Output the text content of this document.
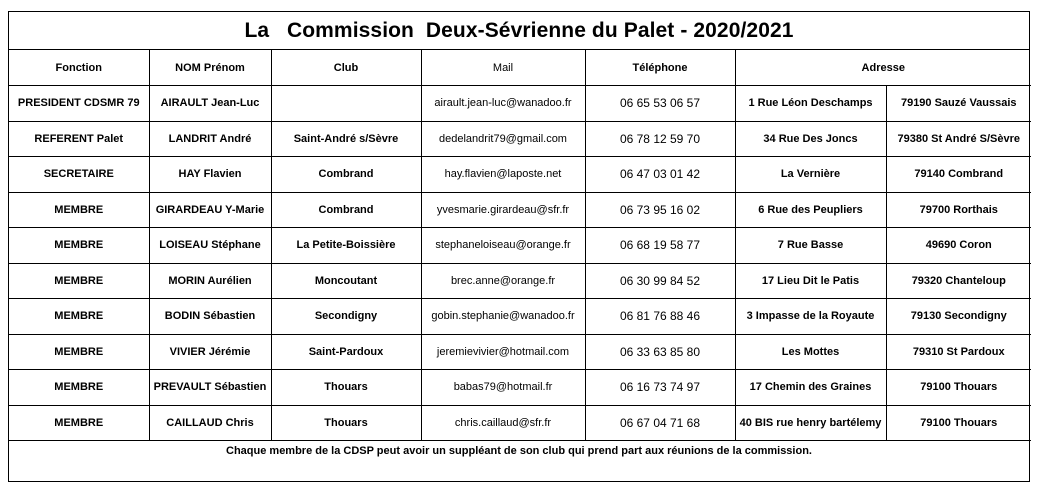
La   Commission  Deux-Sévrienne du Palet - 2020/2021
Fonction	NOM Prénom	Club	Mail	Téléphone	Adresse	
PRESIDENT CDSMR 79	AIRAULT Jean-Luc		airault.jean-luc@wanadoo.fr	06 65 53 06 57	1 Rue Léon Deschamps	79190 Sauzé Vaussais
REFERENT Palet	LANDRIT André	Saint-André s/Sèvre	dedelandrit79@gmail.com	06 78 12 59 70	34 Rue Des Joncs	79380 St André S/Sèvre
SECRETAIRE	HAY Flavien	Combrand	hay.flavien@laposte.net	06 47 03 01 42	La Vernière	79140 Combrand
MEMBRE	GIRARDEAU Y-Marie	Combrand	yvesmarie.girardeau@sfr.fr	06 73 95 16 02	6 Rue des Peupliers	79700 Rorthais
MEMBRE	LOISEAU Stéphane	La Petite-Boissière	stephaneloiseau@orange.fr	06 68 19 58 77	7 Rue Basse	49690 Coron
MEMBRE	MORIN Aurélien	Moncoutant	brec.anne@orange.fr	06 30 99 84 52	17 Lieu Dit le Patis	79320 Chanteloup
MEMBRE	BODIN Sébastien	Secondigny	gobin.stephanie@wanadoo.fr	06 81 76 88 46	3 Impasse de la Royaute	79130 Secondigny
MEMBRE	VIVIER Jérémie	Saint-Pardoux	jeremievivier@hotmail.com	06 33 63 85 80	Les Mottes	79310 St Pardoux
MEMBRE	PREVAULT Sébastien	Thouars	babas79@hotmail.fr	06 16 73 74 97	17 Chemin des Graines	79100 Thouars
MEMBRE	CAILLAUD Chris	Thouars	chris.caillaud@sfr.fr	06 67 04 71 68	40 BIS rue henry bartélemy	79100 Thouars
Chaque membre de la CDSP peut avoir un suppléant de son club qui prend part aux réunions de la commission.
